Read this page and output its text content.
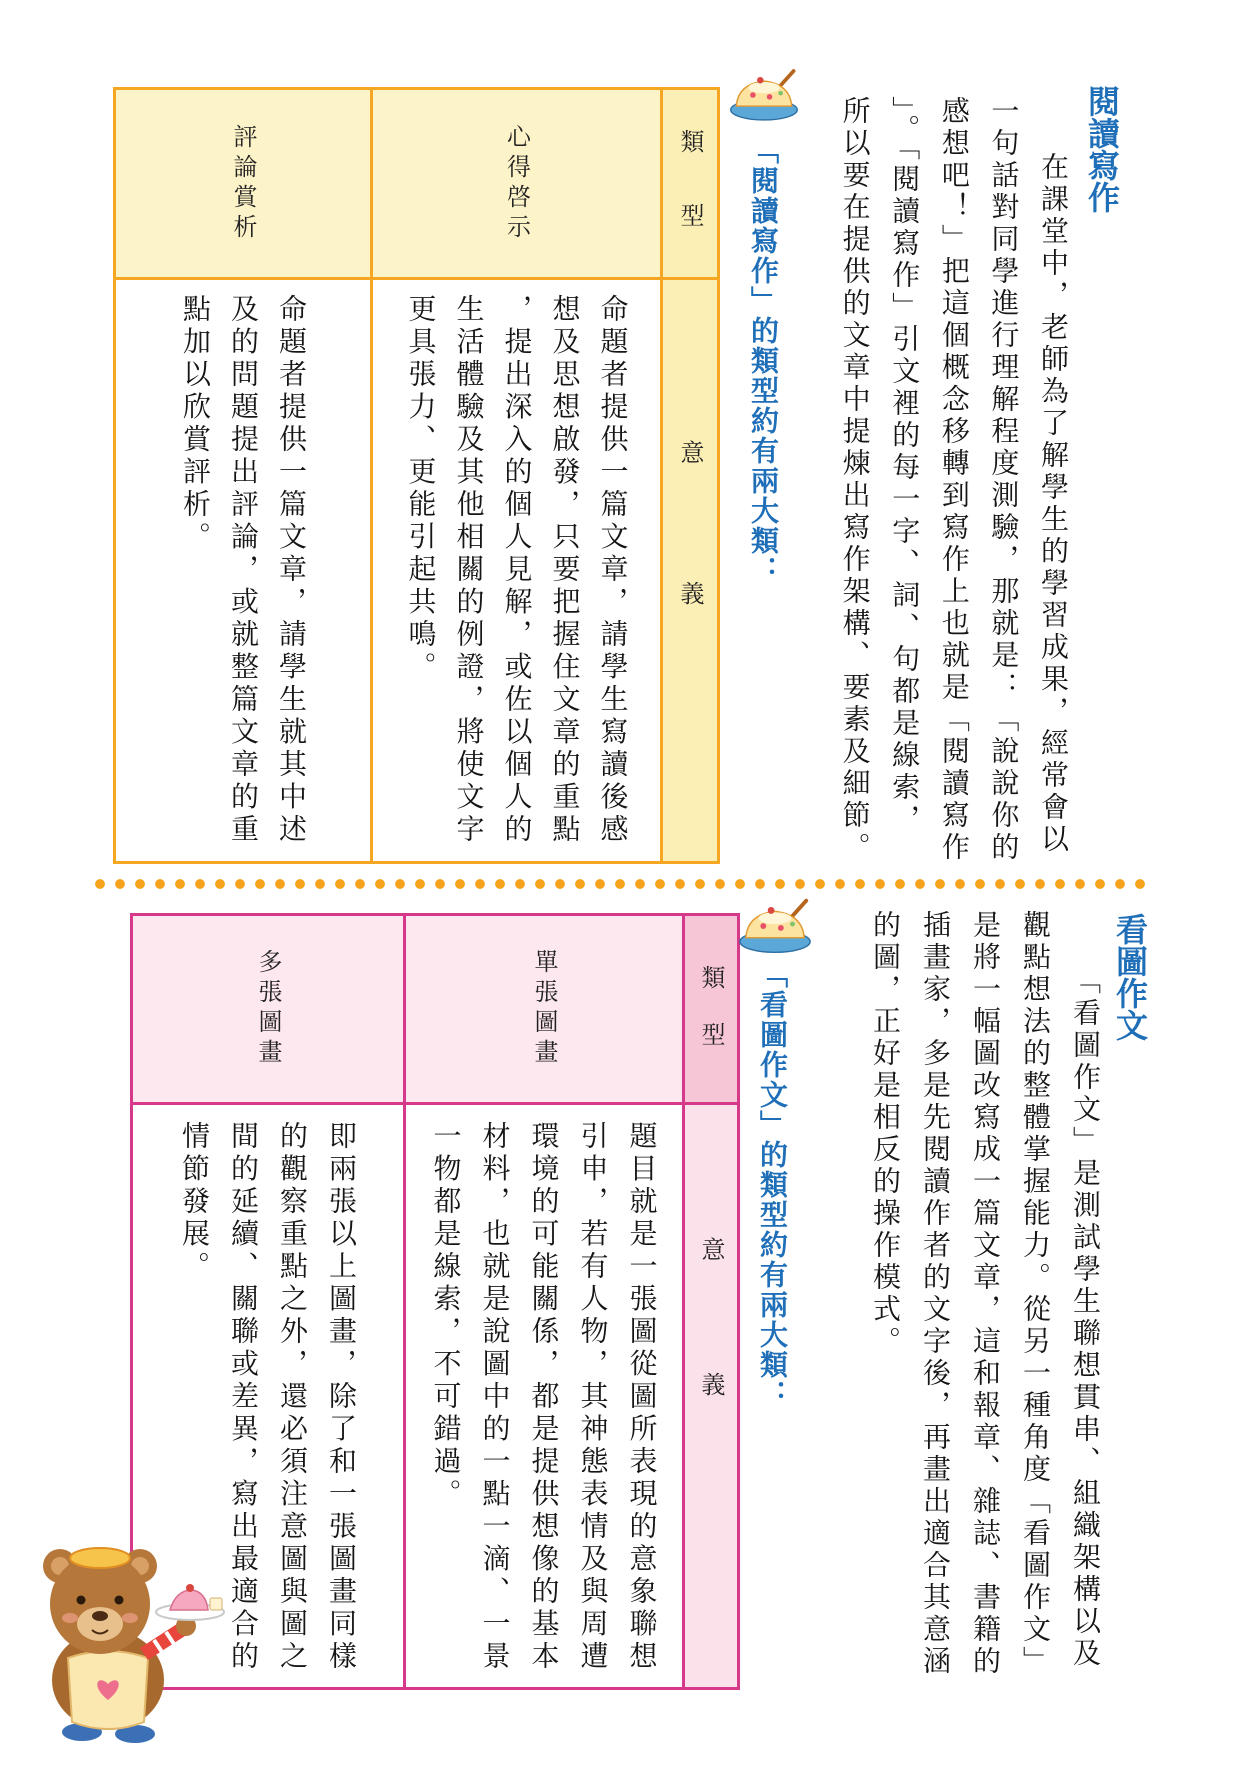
閱讀寫作
在課堂中，老師為了解學生的學習成果，經常會以
一句話對同學進行理解程度測驗，那就是：「說說你的
感想吧！」把這個概念移轉到寫作上也就是「閱讀寫作
」。「閱讀寫作」引文裡的每一字、詞、句都是線索，
所以要在提供的文章中提煉出寫作架構、要素及細節。
「閱讀寫作」的類型約有兩大類：
類型
意義
心得啓示
命題者提供一篇文章，請學生寫讀後感
想及思想啟發，只要把握住文章的重點
，提出深入的個人見解，或佐以個人的
生活體驗及其他相關的例證，將使文字
更具張力、更能引起共鳴。
評論賞析
命題者提供一篇文章，請學生就其中述
及的問題提出評論，或就整篇文章的重
點加以欣賞評析。
看圖作文
「看圖作文」是測試學生聯想貫串、組織架構以及
觀點想法的整體掌握能力。從另一種角度「看圖作文」
是將一幅圖改寫成一篇文章，這和報章、雜誌、書籍的
插畫家，多是先閱讀作者的文字後，再畫出適合其意涵
的圖，正好是相反的操作模式。
類型
意義
單張圖畫
題目就是一張圖從圖所表現的意象聯想
引申，若有人物，其神態表情及與周遭
環境的可能關係，都是提供想像的基本
材料，也就是說圖中的一點一滴、一景
一物都是線索，不可錯過。
多張圖畫
即兩張以上圖畫，除了和一張圖畫同樣
的觀察重點之外，還必須注意圖與圖之
間的延續、關聯或差異，寫出最適合的
情節發展。	「看圖作文」的類型約有兩大類：
